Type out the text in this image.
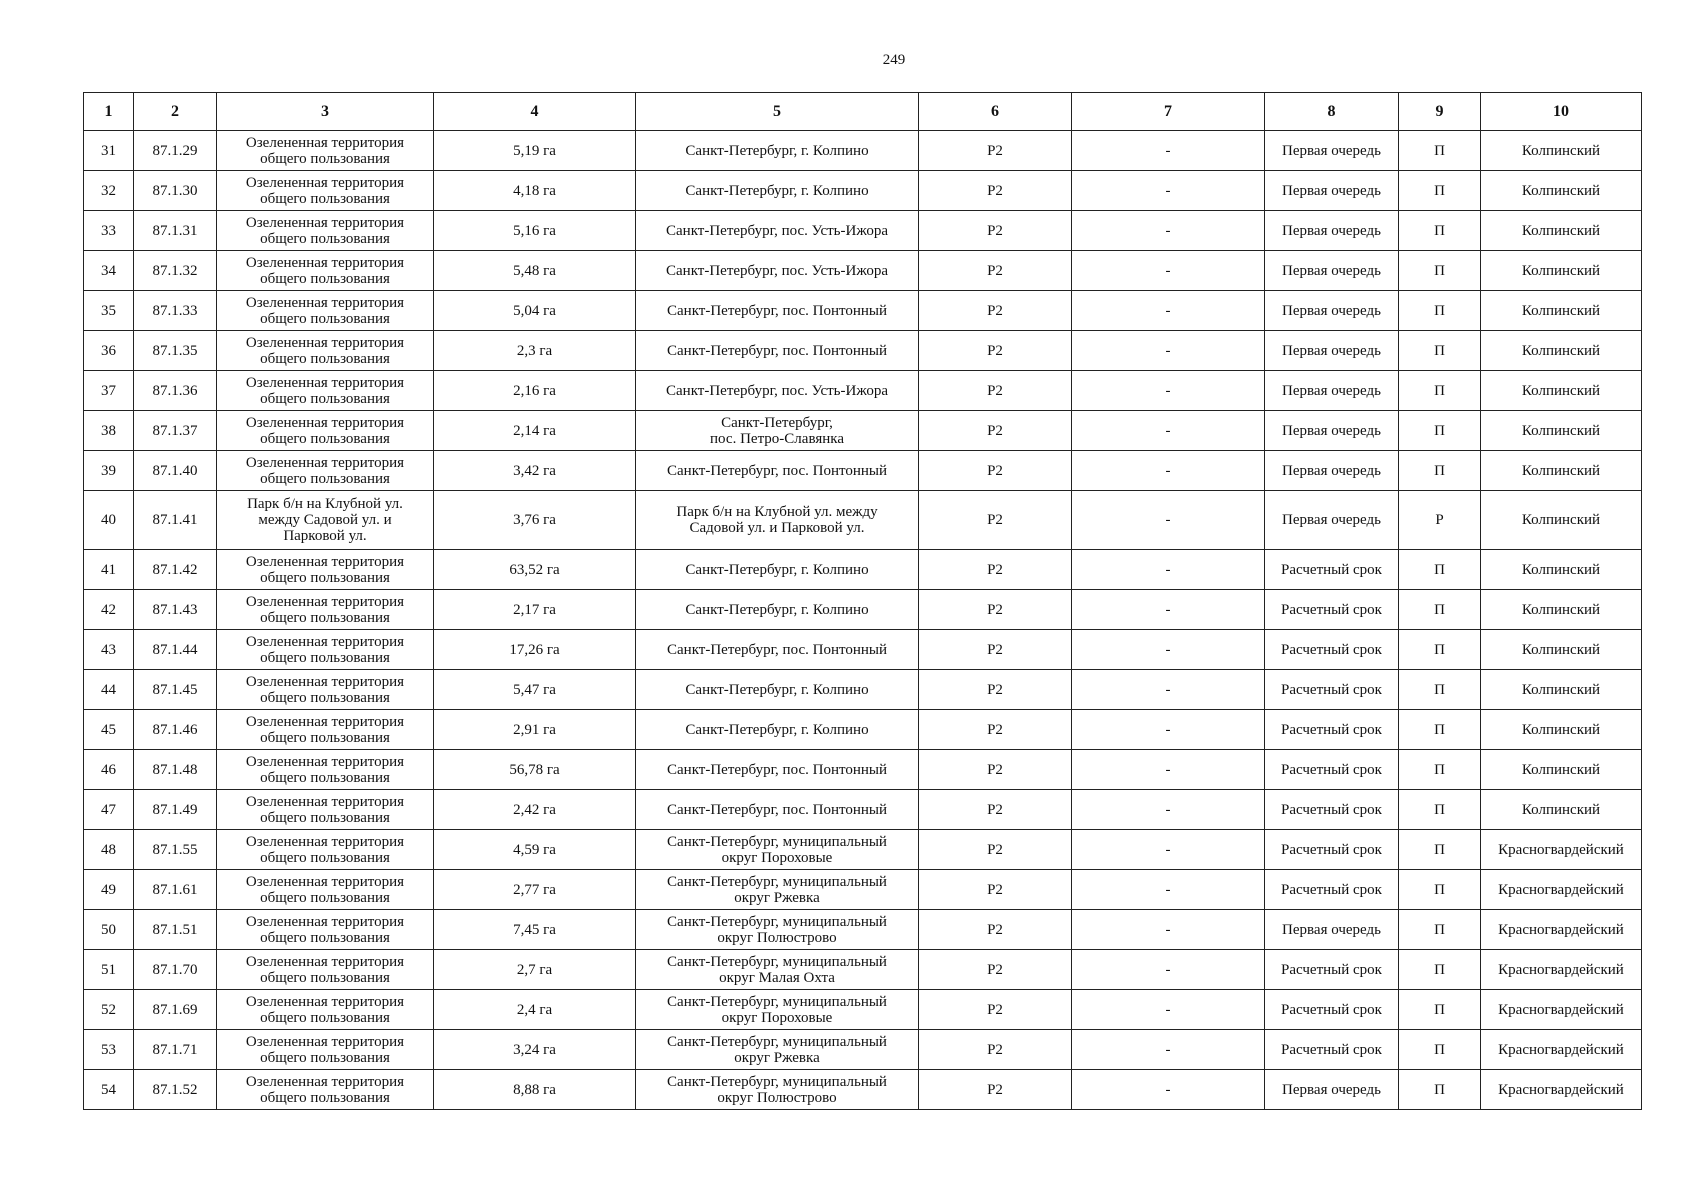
249
1	2	3	4	5	6	7	8	9	10
31	87.1.29	Озелененная территория
общего пользования	5,19 га	Санкт-Петербург, г. Колпино	Р2	-	Первая очередь	П	Колпинский
32	87.1.30	Озелененная территория
общего пользования	4,18 га	Санкт-Петербург, г. Колпино	Р2	-	Первая очередь	П	Колпинский
33	87.1.31	Озелененная территория
общего пользования	5,16 га	Санкт-Петербург, пос. Усть-Ижора	Р2	-	Первая очередь	П	Колпинский
34	87.1.32	Озелененная территория
общего пользования	5,48 га	Санкт-Петербург, пос. Усть-Ижора	Р2	-	Первая очередь	П	Колпинский
35	87.1.33	Озелененная территория
общего пользования	5,04 га	Санкт-Петербург, пос. Понтонный	Р2	-	Первая очередь	П	Колпинский
36	87.1.35	Озелененная территория
общего пользования	2,3 га	Санкт-Петербург, пос. Понтонный	Р2	-	Первая очередь	П	Колпинский
37	87.1.36	Озелененная территория
общего пользования	2,16 га	Санкт-Петербург, пос. Усть-Ижора	Р2	-	Первая очередь	П	Колпинский
38	87.1.37	Озелененная территория
общего пользования	2,14 га	Санкт-Петербург,
пос. Петро-Славянка	Р2	-	Первая очередь	П	Колпинский
39	87.1.40	Озелененная территория
общего пользования	3,42 га	Санкт-Петербург, пос. Понтонный	Р2	-	Первая очередь	П	Колпинский
40	87.1.41	Парк б/н на Клубной ул.
между Садовой ул. и
Парковой ул.	3,76 га	Парк б/н на Клубной ул. между
Садовой ул. и Парковой ул.	Р2	-	Первая очередь	Р	Колпинский
41	87.1.42	Озелененная территория
общего пользования	63,52 га	Санкт-Петербург, г. Колпино	Р2	-	Расчетный срок	П	Колпинский
42	87.1.43	Озелененная территория
общего пользования	2,17 га	Санкт-Петербург, г. Колпино	Р2	-	Расчетный срок	П	Колпинский
43	87.1.44	Озелененная территория
общего пользования	17,26 га	Санкт-Петербург, пос. Понтонный	Р2	-	Расчетный срок	П	Колпинский
44	87.1.45	Озелененная территория
общего пользования	5,47 га	Санкт-Петербург, г. Колпино	Р2	-	Расчетный срок	П	Колпинский
45	87.1.46	Озелененная территория
общего пользования	2,91 га	Санкт-Петербург, г. Колпино	Р2	-	Расчетный срок	П	Колпинский
46	87.1.48	Озелененная территория
общего пользования	56,78 га	Санкт-Петербург, пос. Понтонный	Р2	-	Расчетный срок	П	Колпинский
47	87.1.49	Озелененная территория
общего пользования	2,42 га	Санкт-Петербург, пос. Понтонный	Р2	-	Расчетный срок	П	Колпинский
48	87.1.55	Озелененная территория
общего пользования	4,59 га	Санкт-Петербург, муниципальный
округ Пороховые	Р2	-	Расчетный срок	П	Красногвардейский
49	87.1.61	Озелененная территория
общего пользования	2,77 га	Санкт-Петербург, муниципальный
округ Ржевка	Р2	-	Расчетный срок	П	Красногвардейский
50	87.1.51	Озелененная территория
общего пользования	7,45 га	Санкт-Петербург, муниципальный
округ Полюстрово	Р2	-	Первая очередь	П	Красногвардейский
51	87.1.70	Озелененная территория
общего пользования	2,7 га	Санкт-Петербург, муниципальный
округ Малая Охта	Р2	-	Расчетный срок	П	Красногвардейский
52	87.1.69	Озелененная территория
общего пользования	2,4 га	Санкт-Петербург, муниципальный
округ Пороховые	Р2	-	Расчетный срок	П	Красногвардейский
53	87.1.71	Озелененная территория
общего пользования	3,24 га	Санкт-Петербург, муниципальный
округ Ржевка	Р2	-	Расчетный срок	П	Красногвардейский
54	87.1.52	Озелененная территория
общего пользования	8,88 га	Санкт-Петербург, муниципальный
округ Полюстрово	Р2	-	Первая очередь	П	Красногвардейский
